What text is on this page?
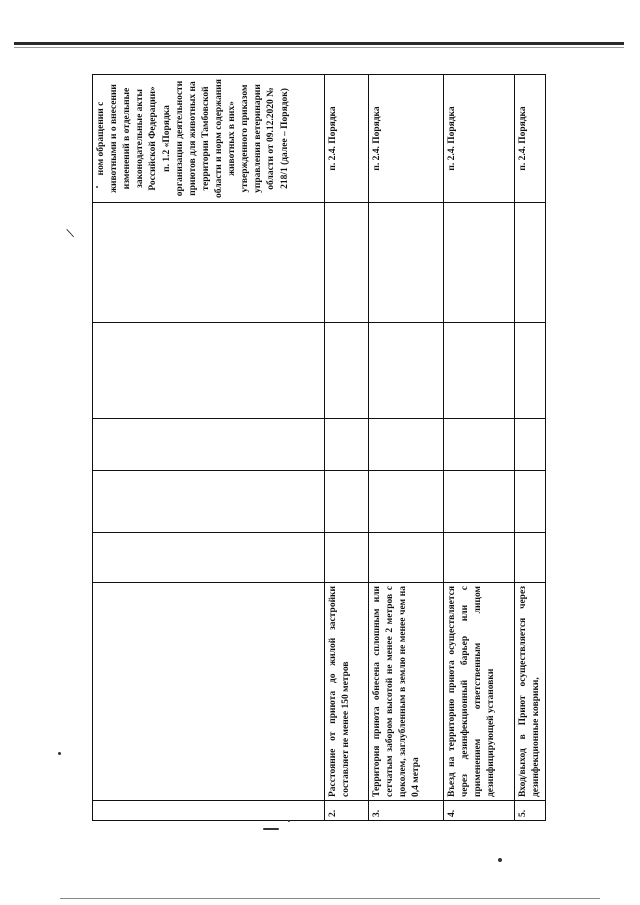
							ном обращении с животными и о внесении изменений в отдельные законодательные акты Российской Федерации»
п. 1.2 «Порядка организации деятельности приютов для животных на территории Тамбовской области и норм содержания животных в них» утвержденного приказом управления ветеринарии области от 09.12.2020 № 218/1 (далее – Порядок)
2.	Расстояние от приюта до жилой застройки составляет не менее 150 метров						п. 2.4. Порядка
3.	Территория приюта обнесена сплошным или сетчатым забором высотой не менее 2 метров с цоколем, заглубленным в землю не менее чем на 0,4 метра						п. 2.4. Порядка
4.	Въезд на территорию приюта осуществляется через дезинфекционный барьер или с применением ответственным лицом дезинфицирующей установки						п. 2.4. Порядка
5.	Вход/выход в Приют осуществляется через дезинфекционные коврики,						п. 2.4. Порядка
/
